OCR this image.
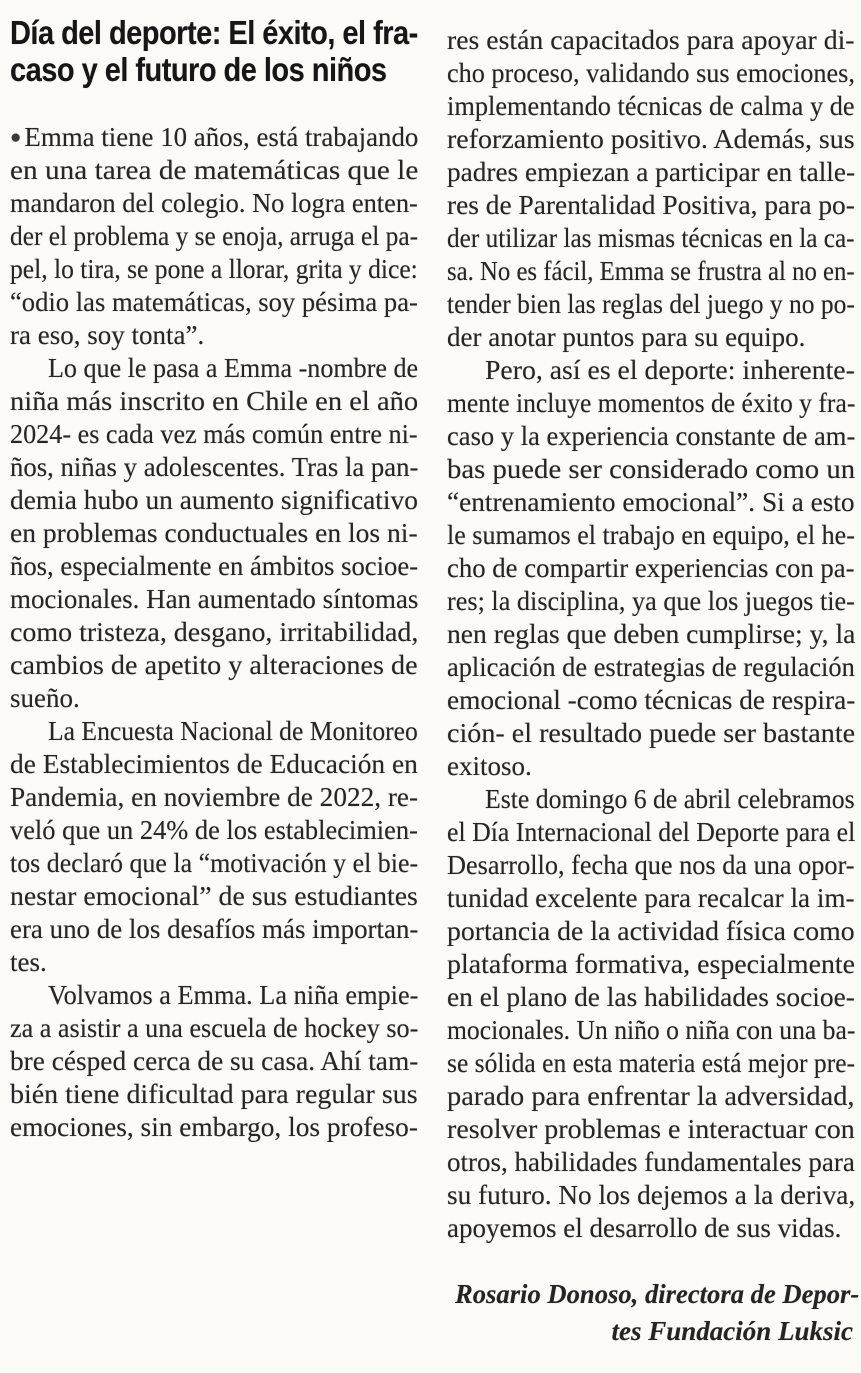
Día del deporte: El éxito, el fra-
caso y el futuro de los niños
● Emma tiene 10 años, está trabajando
en una tarea de matemáticas que le
mandaron del colegio. No logra enten-
der el problema y se enoja, arruga el pa-
pel, lo tira, se pone a llorar, grita y dice:
“odio las matemáticas, soy pésima pa-
ra eso, soy tonta”.
Lo que le pasa a Emma -nombre de
niña más inscrito en Chile en el año
2024- es cada vez más común entre ni-
ños, niñas y adolescentes. Tras la pan-
demia hubo un aumento significativo
en problemas conductuales en los ni-
ños, especialmente en ámbitos socioe-
mocionales. Han aumentado síntomas
como tristeza, desgano, irritabilidad,
cambios de apetito y alteraciones de
sueño.
La Encuesta Nacional de Monitoreo
de Establecimientos de Educación en
Pandemia, en noviembre de 2022, re-
veló que un 24% de los establecimien-
tos declaró que la “motivación y el bie-
nestar emocional” de sus estudiantes
era uno de los desafíos más importan-
tes.
Volvamos a Emma. La niña empie-
za a asistir a una escuela de hockey so-
bre césped cerca de su casa. Ahí tam-
bién tiene dificultad para regular sus
emociones, sin embargo, los profeso-
res están capacitados para apoyar di-
cho proceso, validando sus emociones,
implementando técnicas de calma y de
reforzamiento positivo. Además, sus
padres empiezan a participar en talle-
res de Parentalidad Positiva, para po-
der utilizar las mismas técnicas en la ca-
sa. No es fácil, Emma se frustra al no en-
tender bien las reglas del juego y no po-
der anotar puntos para su equipo.
Pero, así es el deporte: inherente-
mente incluye momentos de éxito y fra-
caso y la experiencia constante de am-
bas puede ser considerado como un
“entrenamiento emocional”. Si a esto
le sumamos el trabajo en equipo, el he-
cho de compartir experiencias con pa-
res; la disciplina, ya que los juegos tie-
nen reglas que deben cumplirse; y, la
aplicación de estrategias de regulación
emocional -como técnicas de respira-
ción- el resultado puede ser bastante
exitoso.
Este domingo 6 de abril celebramos
el Día Internacional del Deporte para el
Desarrollo, fecha que nos da una opor-
tunidad excelente para recalcar la im-
portancia de la actividad física como
plataforma formativa, especialmente
en el plano de las habilidades socioe-
mocionales. Un niño o niña con una ba-
se sólida en esta materia está mejor pre-
parado para enfrentar la adversidad,
resolver problemas e interactuar con
otros, habilidades fundamentales para
su futuro. No los dejemos a la deriva,
apoyemos el desarrollo de sus vidas.
Rosario Donoso, directora de Depor-
tes Fundación Luksic
